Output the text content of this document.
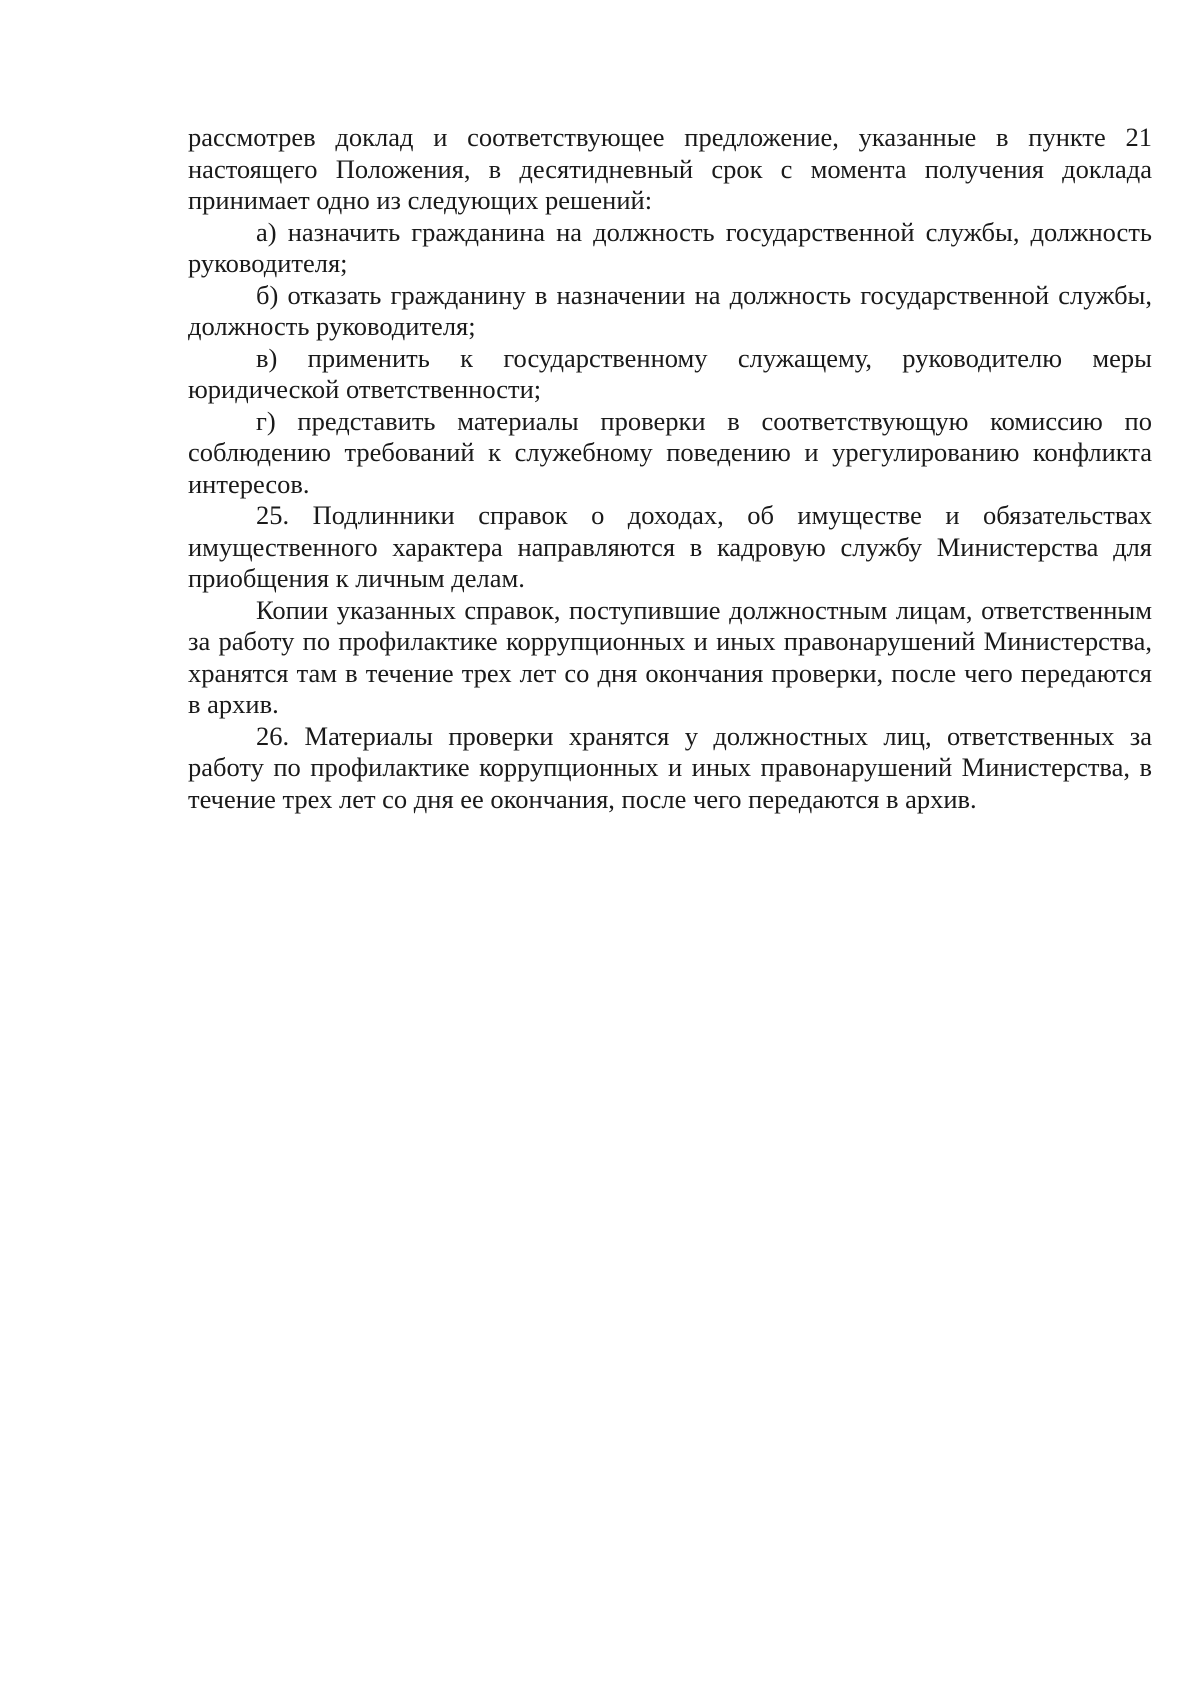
рассмотрев доклад и соответствующее предложение, указанные в пункте 21 настоящего Положения, в десятидневный срок с момента получения доклада принимает одно из следующих решений:

а) назначить гражданина на должность государственной службы, должность руководителя;

б) отказать гражданину в назначении на должность государственной службы, должность руководителя;

в) применить к государственному служащему, руководителю меры юридической ответственности;

г) представить материалы проверки в соответствующую комиссию по соблюдению требований к служебному поведению и урегулированию конфликта интересов.

25. Подлинники справок о доходах, об имуществе и обязательствах имущественного характера направляются в кадровую службу Министерства для приобщения к личным делам.

Копии указанных справок, поступившие должностным лицам, ответственным за работу по профилактике коррупционных и иных правонарушений Министерства, хранятся там в течение трех лет со дня окончания проверки, после чего передаются в архив.

26. Материалы проверки хранятся у должностных лиц, ответственных за работу по профилактике коррупционных и иных правонарушений Министерства, в течение трех лет со дня ее окончания, после чего передаются в архив.
